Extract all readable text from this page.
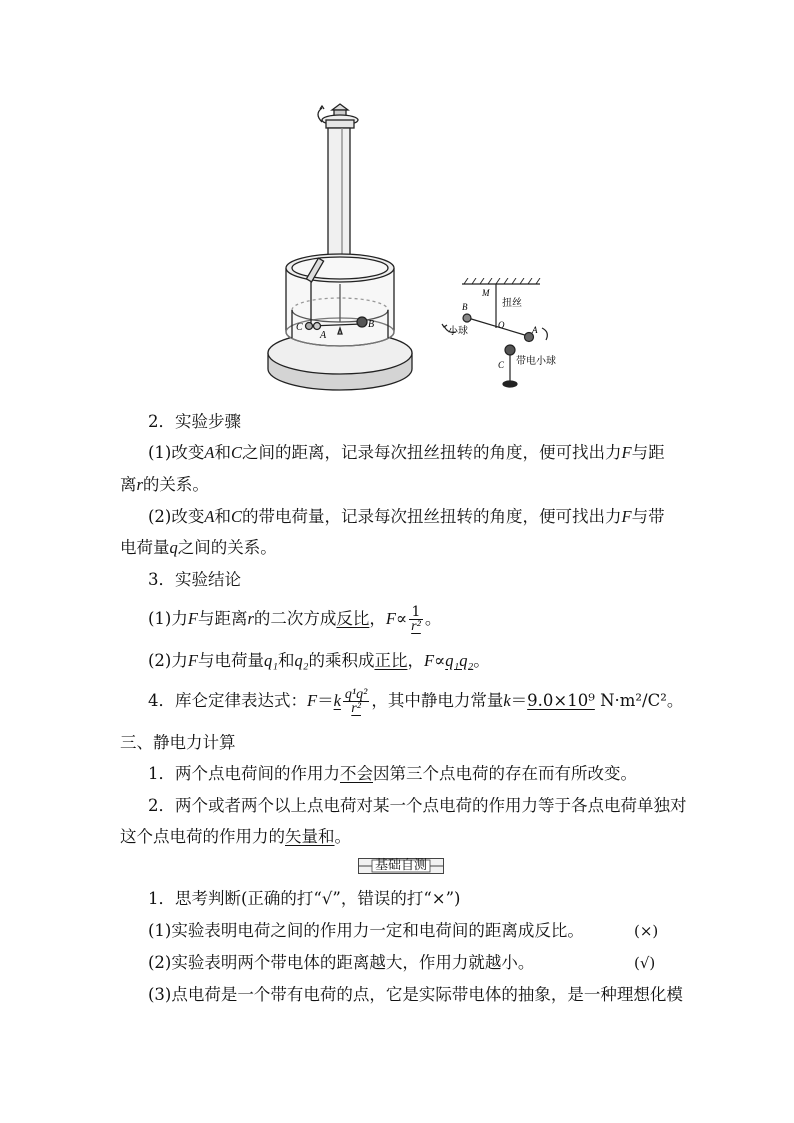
C
A
B
M
B
O	A
C
扭丝
小球
带电小球
2．实验步骤
(1)改变A和C之间的距离，记录每次扭丝扭转的角度，便可找出力F与距
离r的关系。
(2)改变A和C的带电荷量，记录每次扭丝扭转的角度，便可找出力F与带
电荷量q之间的关系。
3．实验结论
(1)力F与距离r的二次方成反比，$F\propto \frac{1}{\text{r²}}$ 。
(2)力F与电荷量q₁和q₂的乘积成正比，F∝q₁q₂。
4．库仑定律表达式：$F=k \frac{\text{q¹q²}}{\text{r²}}$ ，其中静电力常量k＝9.0×10⁹ N·m²/C²。
三、静电力计算
1．两个点电荷间的作用力不会因第三个点电荷的存在而有所改变。
2．两个或者两个以上点电荷对某一个点电荷的作用力等于各点电荷单独对
这个点电荷的作用力的矢量和。
基础自测
1．思考判断(正确的打“√”，错误的打“×”)
(1)实验表明电荷之间的作用力一定和电荷间的距离成反比。	(×)
(2)实验表明两个带电体的距离越大，作用力就越小。	(√)
(3)点电荷是一个带有电荷的点，它是实际带电体的抽象，是一种理想化模
